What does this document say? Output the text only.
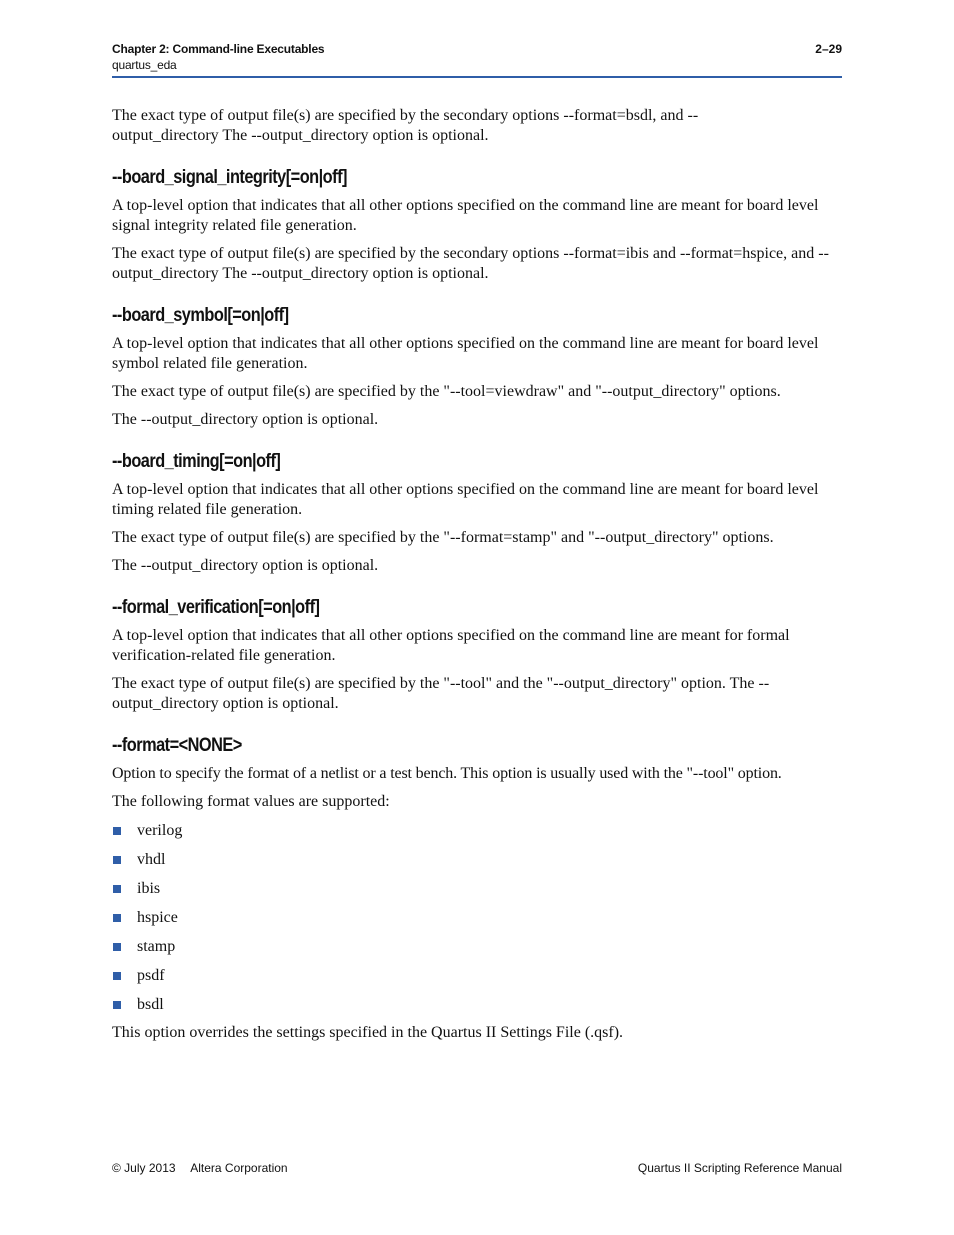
Chapter 2: Command-line Executables
quartus_eda
2–29

The exact type of output file(s) are specified by the secondary options --format=bsdl, and --output_directory The --output_directory option is optional.

--board_signal_integrity[=on|off]

A top-level option that indicates that all other options specified on the command line are meant for board level signal integrity related file generation.

The exact type of output file(s) are specified by the secondary options --format=ibis and --format=hspice, and --output_directory The --output_directory option is optional.

--board_symbol[=on|off]

A top-level option that indicates that all other options specified on the command line are meant for board level symbol related file generation.

The exact type of output file(s) are specified by the "--tool=viewdraw" and "--output_directory" options.

The --output_directory option is optional.

--board_timing[=on|off]

A top-level option that indicates that all other options specified on the command line are meant for board level timing related file generation.

The exact type of output file(s) are specified by the "--format=stamp" and "--output_directory" options.

The --output_directory option is optional.

--formal_verification[=on|off]

A top-level option that indicates that all other options specified on the command line are meant for formal verification-related file generation.

The exact type of output file(s) are specified by the "--tool" and the "--output_directory" option. The --output_directory option is optional.

--format=<NONE>

Option to specify the format of a netlist or a test bench. This option is usually used with the "--tool" option.

The following format values are supported:

verilog
vhdl
ibis
hspice
stamp
psdf
bsdl

This option overrides the settings specified in the Quartus II Settings File (.qsf).

© July 2013 Altera Corporation	Quartus II Scripting Reference Manual
